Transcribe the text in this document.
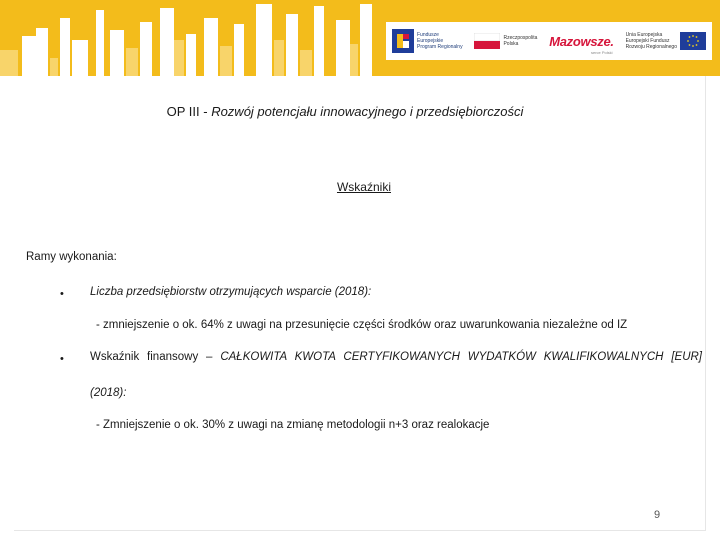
Fundusze
Europejskie
Program Regionalny
Rzeczpospolita
Polska	Mazowsze. Unia Europejska
Europejski Fundusz
Rozwoju Regionalnego
serce Polski
OP III - Rozwój potencjału innowacyjnego i przedsiębiorczości
Wskaźniki
Ramy wykonania:
• Liczba przedsiębiorstw otrzymujących wsparcie (2018):
- zmniejszenie o ok. 64% z uwagi na przesunięcie części środków oraz uwarunkowania niezależne od IZ
• Wskaźnik finansowy – CAŁKOWITA KWOTA CERTYFIKOWANYCH WYDATKÓW KWALIFIKOWALNYCH [EUR]
(2018):
- Zmniejszenie o ok. 30% z uwagi na zmianę metodologii n+3 oraz realokacje
9
